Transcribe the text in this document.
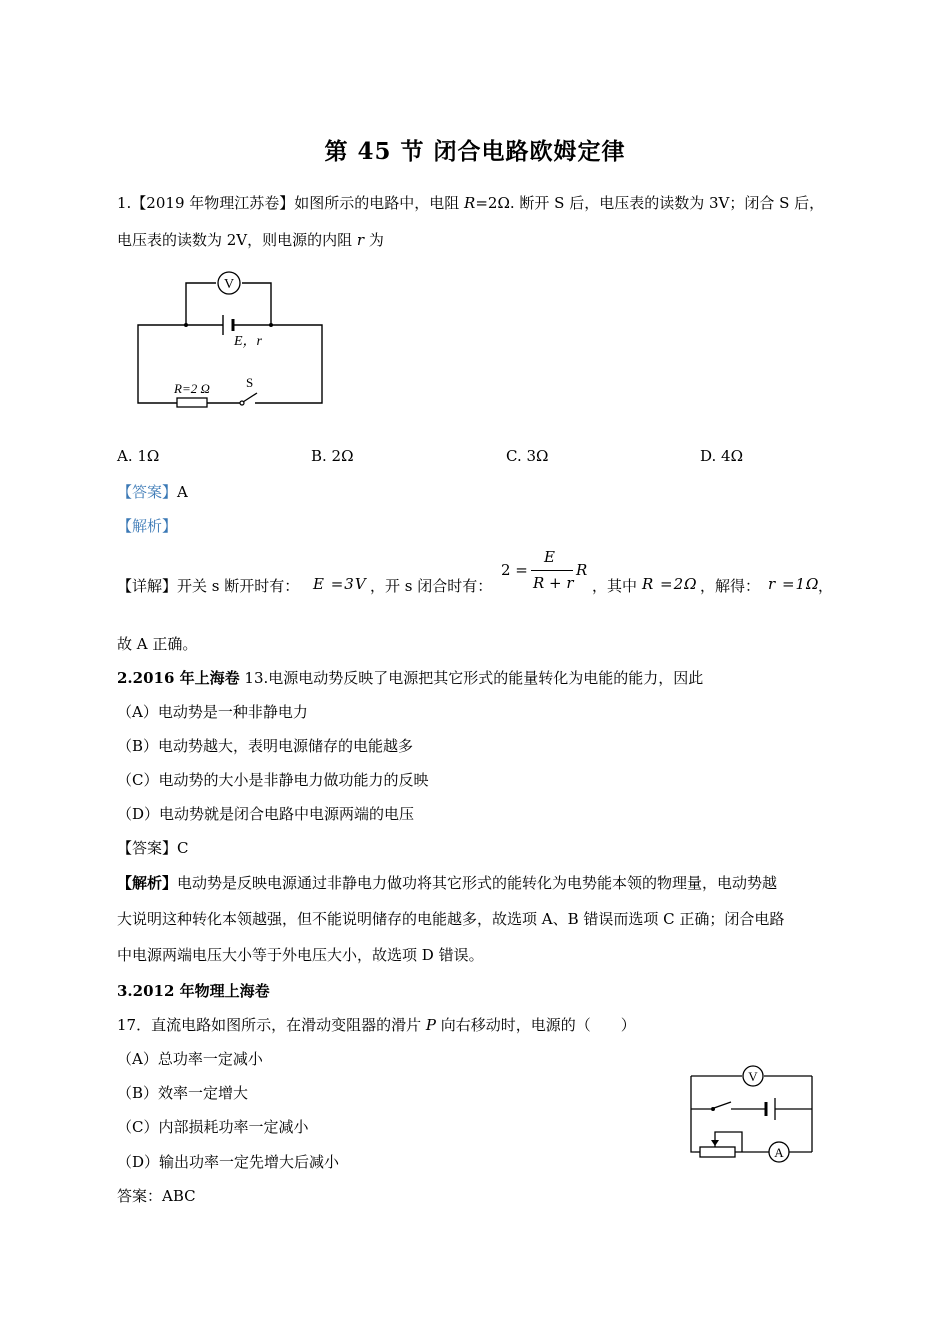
第 45 节 闭合电路欧姆定律
1.【2019 年物理江苏卷】如图所示的电路中，电阻 R=2Ω. 断开 S 后，电压表的读数为 3V；闭合 S 后，
电压表的读数为 2V，则电源的内阻 r 为
V
E，r
R=2 Ω	S
A. 1Ω	B. 2Ω	C. 3Ω	D. 4Ω
【答案】A
【解析】
【详解】开关 s 断开时有： E =3V ，开 s 闭合时有：
2 =
E
R + r
R
，其中 R =2Ω ，解得： r =1Ω
，
故 A 正确。
2.2016 年上海卷 13.电源电动势反映了电源把其它形式的能量转化为电能的能力，因此
（A）电动势是一种非静电力
（B）电动势越大，表明电源储存的电能越多
（C）电动势的大小是非静电力做功能力的反映
（D）电动势就是闭合电路中电源两端的电压
【答案】C
【解析】电动势是反映电源通过非静电力做功将其它形式的能转化为电势能本领的物理量，电动势越
大说明这种转化本领越强，但不能说明储存的电能越多，故选项 A、B 错误而选项 C 正确；闭合电路
中电源两端电压大小等于外电压大小，故选项 D 错误。
3.2012 年物理上海卷
17．直流电路如图所示，在滑动变阻器的滑片 P 向右移动时，电源的（　　）
（A）总功率一定减小
（B）效率一定增大
（C）内部损耗功率一定减小
（D）输出功率一定先增大后减小
答案：ABC
V
A
